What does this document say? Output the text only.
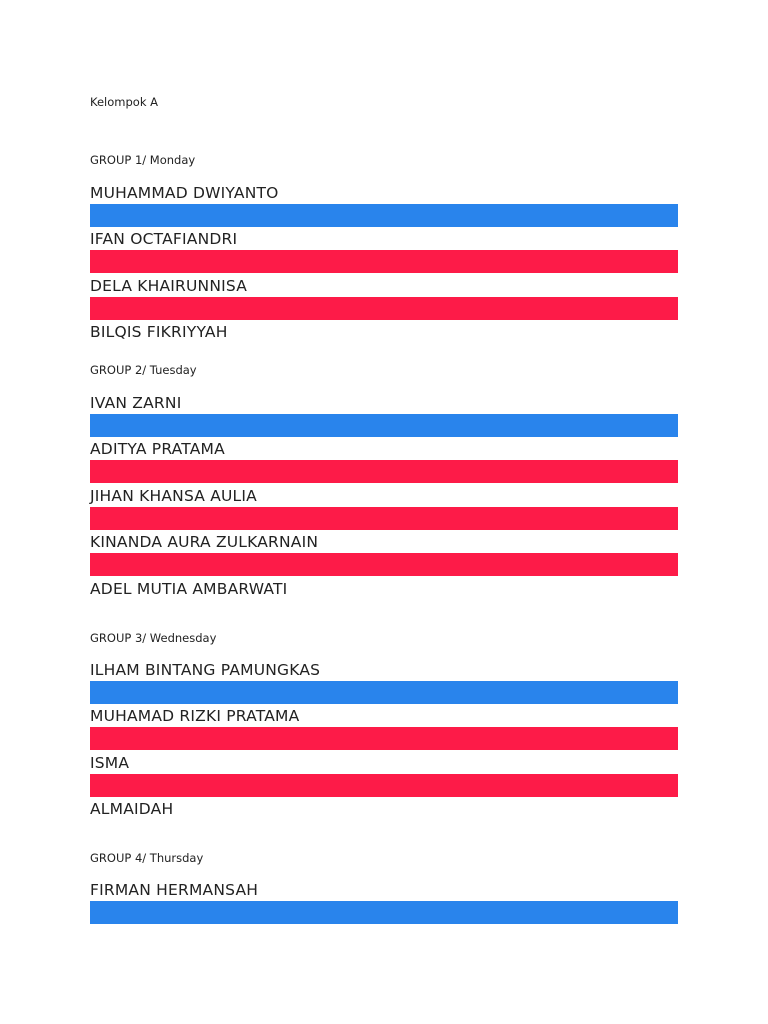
Kelompok A
GROUP 1/ Monday
MUHAMMAD DWIYANTO
IFAN OCTAFIANDRI
DELA KHAIRUNNISA
BILQIS FIKRIYYAH
GROUP 2/ Tuesday
IVAN ZARNI
ADITYA PRATAMA
JIHAN KHANSA AULIA
KINANDA AURA ZULKARNAIN
ADEL MUTIA AMBARWATI
GROUP 3/ Wednesday
ILHAM BINTANG PAMUNGKAS
MUHAMAD RIZKI PRATAMA
ISMA
ALMAIDAH
GROUP 4/ Thursday
FIRMAN HERMANSAH
